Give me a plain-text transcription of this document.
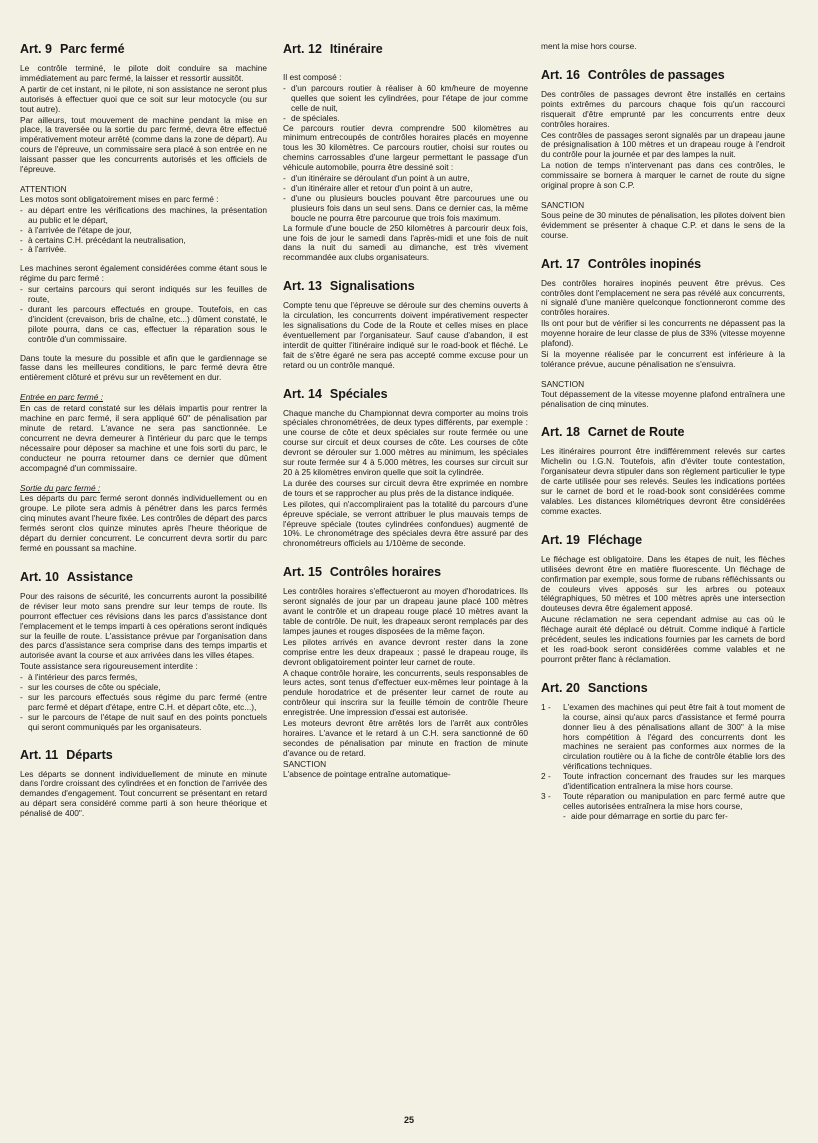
Art. 9 Parc fermé

Le contrôle terminé, le pilote doit conduire sa machine immédiatement au parc fermé, la laisser et ressortir aussitôt.

A partir de cet instant, ni le pilote, ni son assistance ne seront plus autorisés à effectuer quoi que ce soit sur leur motocycle (ou sur tout autre).

Par ailleurs, tout mouvement de machine pendant la mise en place, la traversée ou la sortie du parc fermé, devra être effectué impérativement moteur arrêté (comme dans la zone de départ). Au cours de l'épreuve, un commissaire sera placé à son entrée en ne laissant passer que les concurrents autorisés et les officiels de l'épreuve.

ATTENTION

Les motos sont obligatoirement mises en parc fermé :

- au départ entre les vérifications des machines, la présentation au public et le départ,
- à l'arrivée de l'étape de jour,
- à certains C.H. précédant la neutralisation,
- à l'arrivée.

Les machines seront également considérées comme étant sous le régime du parc fermé :

- sur certains parcours qui seront indiqués sur les feuilles de route,
- durant les parcours effectués en groupe. Toutefois, en cas d'incident (crevaison, bris de chaîne, etc...) dûment constaté, le pilote pourra, dans ce cas, effectuer la réparation sous le contrôle d'un commissaire.

Dans toute la mesure du possible et afin que le gardiennage se fasse dans les meilleures conditions, le parc fermé devra être entièrement clôturé et prévu sur un revêtement en dur.

Entrée en parc fermé :

En cas de retard constaté sur les délais impartis pour rentrer la machine en parc fermé, il sera appliqué 60" de pénalisation par minute de retard. L'avance ne sera pas sanctionnée. Le concurrent ne devra demeurer à l'intérieur du parc que le temps nécessaire pour déposer sa machine et une fois sorti du parc, le conducteur ne pourra retourner dans ce dernier que dûment accompagné d'un commissaire.

Sortie du parc fermé :

Les départs du parc fermé seront donnés individuellement ou en groupe. Le pilote sera admis à pénétrer dans les parcs fermés cinq minutes avant l'heure fixée. Les contrôles de départ des parcs fermés seront clos quinze minutes après l'heure théorique de départ du dernier concurrent. Le concurrent devra sortir du parc fermé en poussant sa machine.

Art. 10 Assistance

Pour des raisons de sécurité, les concurrents auront la possibilité de réviser leur moto sans prendre sur leur temps de route. Ils pourront effectuer ces révisions dans les parcs d'assistance dont l'emplacement et le temps imparti à ces opérations seront indiqués sur la feuille de route. L'assistance prévue par l'organisation dans des parcs d'assistance sera comprise dans des temps impartis et autorisée avant la course et aux arrivées dans les villes étapes.

Toute assistance sera rigoureusement interdite :

- à l'intérieur des parcs fermés,
- sur les courses de côte ou spéciale,
- sur les parcours effectués sous régime du parc fermé (entre parc fermé et départ d'étape, entre C.H. et départ côte, etc...),
- sur le parcours de l'étape de nuit sauf en des points ponctuels qui seront communiqués par les organisateurs.
Art. 11 Départs

Les départs se donnent individuellement de minute en minute dans l'ordre croissant des cylindrées et en fonction de l'arrivée des demandes d'engagement. Tout concurrent se présentant en retard au départ sera considéré comme parti à son heure théorique et pénalisé de 400".

Art. 12 Itinéraire

Il est composé :

- d'un parcours routier à réaliser à 60 km/heure de moyenne quelles que soient les cylindrées, pour l'étape de jour comme celle de nuit,
- de spéciales.

Ce parcours routier devra comprendre 500 kilomètres au minimum entrecoupés de contrôles horaires placés en moyenne tous les 30 kilomètres. Ce parcours routier, choisi sur routes ou chemins carrossables d'une largeur permettant le passage d'un véhicule automobile, pourra être dessiné soit :

- d'un itinéraire se déroulant d'un point à un autre,
- d'un itinéraire aller et retour d'un point à un autre,
- d'une ou plusieurs boucles pouvant être parcourues une ou plusieurs fois dans un seul sens. Dans ce dernier cas, la même boucle ne pourra être parcourue que trois fois maximum.

La formule d'une boucle de 250 kilomètres à parcourir deux fois, une fois de jour le samedi dans l'après-midi et une fois de nuit dans la nuit du samedi au dimanche, est très vivement recommandée aux clubs organisateurs.

Art. 13 Signalisations

Compte tenu que l'épreuve se déroule sur des chemins ouverts à la circulation, les concurrents doivent impérativement respecter les signalisations du Code de la Route et celles mises en place éventuellement par l'organisateur. Sauf cause d'abandon, il est interdit de quitter l'itinéraire indiqué sur le road-book et fléché. Le fait de s'être égaré ne sera pas accepté comme excuse pour un retard ou un contrôle manqué.

Art. 14 Spéciales

Chaque manche du Championnat devra comporter au moins trois spéciales chronométrées, de deux types différents, par exemple : une course de côte et deux spéciales sur route fermée ou une course sur circuit et deux courses de côte. Les courses de côte devront se dérouler sur 1.000 mètres au minimum, les spéciales sur route fermée sur 4 à 5.000 mètres, les courses sur circuit sur 20 à 25 kilomètres environ quelle que soit la cylindrée.

La durée des courses sur circuit devra être exprimée en nombre de tours et se rapprocher au plus près de la distance indiquée.

Les pilotes, qui n'accompliraient pas la totalité du parcours d'une épreuve spéciale, se verront attribuer le plus mauvais temps de l'épreuve spéciale (toutes cylindrées confondues) augmenté de 10%. Le chronométrage des spéciales devra être assuré par des chronométreurs officiels au 1/10ème de seconde.

Art. 15 Contrôles horaires

Les contrôles horaires s'effectueront au moyen d'horodatrices. Ils seront signalés de jour par un drapeau jaune placé 100 mètres avant le contrôle et un drapeau rouge placé 10 mètres avant la table de contrôle. De nuit, les drapeaux seront remplacés par des lampes jaunes et rouges disposées de la même façon.

Les pilotes arrivés en avance devront rester dans la zone comprise entre les deux drapeaux ; passé le drapeau rouge, ils devront obligatoirement pointer leur carnet de route.

A chaque contrôle horaire, les concurrents, seuls responsables de leurs actes, sont tenus d'effectuer eux-mêmes leur pointage à la pendule horodatrice et de présenter leur carnet de route au contrôleur qui inscrira sur la feuille témoin de contrôle l'heure enregistrée. Une impression d'essai est autorisée.

Les moteurs devront être arrêtés lors de l'arrêt aux contrôles horaires. L'avance et le retard à un C.H. sera sanctionné de 60 secondes de pénalisation par minute en fraction de minute d'avance ou de retard.

SANCTION

L'absence de pointage entraîne automatique-

ment la mise hors course.

Art. 16 Contrôles de passages

Des contrôles de passages devront être installés en certains points extrêmes du parcours chaque fois qu'un raccourci risquerait d'être emprunté par les concurrents entre deux contrôles horaires.

Ces contrôles de passages seront signalés par un drapeau jaune de présignalisation à 100 mètres et un drapeau rouge à l'endroit du contrôle pour la journée et par des lampes la nuit.

La notion de temps n'intervenant pas dans ces contrôles, le commissaire se bornera à marquer le carnet de route du signe original propre à son C.P.

SANCTION

Sous peine de 30 minutes de pénalisation, les pilotes doivent bien évidemment se présenter à chaque C.P. et dans le sens de la course.

Art. 17 Contrôles inopinés

Des contrôles horaires inopinés peuvent être prévus. Ces contrôles dont l'emplacement ne sera pas révélé aux concurrents, ni signalé d'une manière quelconque fonctionneront comme des contrôles horaires.

Ils ont pour but de vérifier si les concurrents ne dépassent pas la moyenne horaire de leur classe de plus de 33% (vitesse moyenne plafond).

Si la moyenne réalisée par le concurrent est inférieure à la tolérance prévue, aucune pénalisation ne s'ensuivra.

SANCTION

Tout dépassement de la vitesse moyenne plafond entraînera une pénalisation de cinq minutes.

Art. 18 Carnet de Route

Les itinéraires pourront être indifféremment relevés sur cartes Michelin ou I.G.N. Toutefois, afin d'éviter toute contestation, l'organisateur devra stipuler dans son règlement particulier le type de carte utilisée pour ses relevés. Seules les indications portées sur le carnet de bord et le road-book sont considérées comme valables. Les distances kilométriques devront être considérées comme exactes.

Art. 19 Fléchage

Le fléchage est obligatoire. Dans les étapes de nuit, les flèches utilisées devront être en matière fluorescente. Un fléchage de confirmation par exemple, sous forme de rubans réfléchissants ou de couleurs vives apposés sur les arbres ou poteaux télégraphiques, 50 mètres et 100 mètres après une intersection douteuses devra être également apposé.

Aucune réclamation ne sera cependant admise au cas où le fléchage aurait été déplacé ou détruit. Comme indiqué à l'article précédent, seules les indications fournies par les carnets de bord et les road-book seront considérées comme valables et ne pourront prêter flanc à réclamation.

Art. 20 Sanctions
1 - L'examen des machines qui peut être fait à tout moment de la course, ainsi qu'aux parcs d'assistance et fermé pourra donner lieu à des pénalisations allant de 300" à la mise hors compétition à l'égard des concurrents dont les machines ne seraient pas conformes aux normes de la circulation routière ou à la fiche de contrôle établie lors des vérifications techniques.
2 - Toute infraction concernant des fraudes sur les marques d'identification entraînera la mise hors course.
3 - Toute réparation ou manipulation en parc fermé autre que celles autorisées entraînera la mise hors course,
- aide pour démarrage en sortie du parc fer-
25
